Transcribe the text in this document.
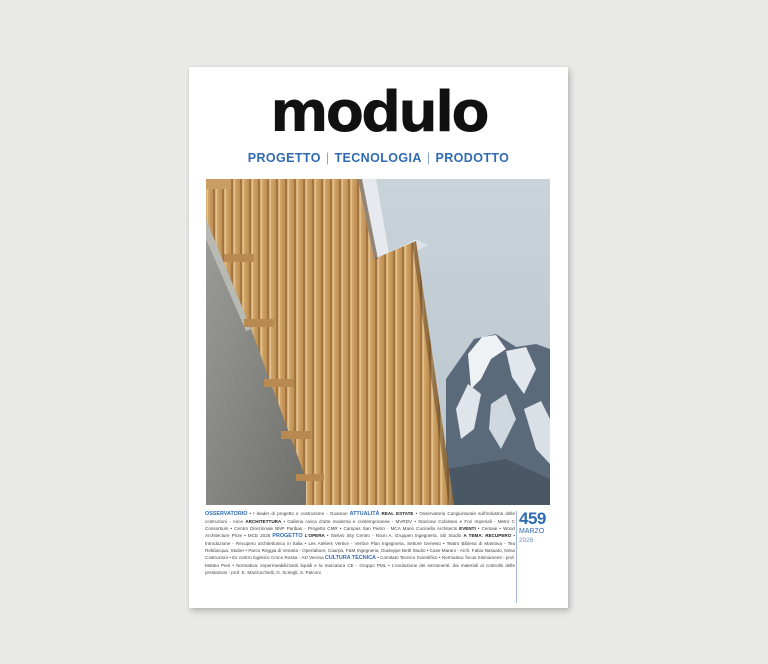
modulo
PROGETTO | TECNOLOGIA | PRODOTTO
OSSERVATORIO • I leader di progetto e costruzione - Guaman ATTUALITÀ REAL ESTATE • Osservatorio Congiunturale sull'industria delle costruzioni - Ance ARCHITETTURA • Galleria civica d'arte moderna e contemporanea - MVRDV • Stazione Colosseo e Fori Imperiali - Metro C Consortium • Centro Direzionale BNP Paribas - Progetto CMR • Campus San Pietro - MCA Mario Cucinella Architects EVENTI • Cersaie • Wood Architecture Prize • MCE 2026 PROGETTO L'OPERA • Stelvio Sky Centro - Noon A. Gruppen Ingegneria, Siti Studio A TEMA: RECUPERO • Introduzione - Recupero architettonico in Italia • Les Ateliers Vertice - Vertice Plan Ingegneria, Settore Genesio • Teatro Bibiena di Mantova - Tea Rebilacqua, Stuber • Parco Reggia di Venaria - OperIabore, Caarpa, F&M Ingegneria, Giuseppe Betti Studio • Case Marani - Arch. Fabio Nasuato, Nima Costruzioni • Ex centro logistico Croce Rossa - AD Verona CULTURA TECNICA • Comitato Tecnico Scientifico • Normativa: focus Sismamenti - prof. Matteo Pieri • Normativa: impermeabilizzanti liquidi e la marcatura CE - Gruppo PML • L'evoluzione dei serramenti: dai materiali al controllo delle prestazioni - prof. E. Mazzucchelli, G. Scriegli, S. Palconi
459
MARZO
2026
